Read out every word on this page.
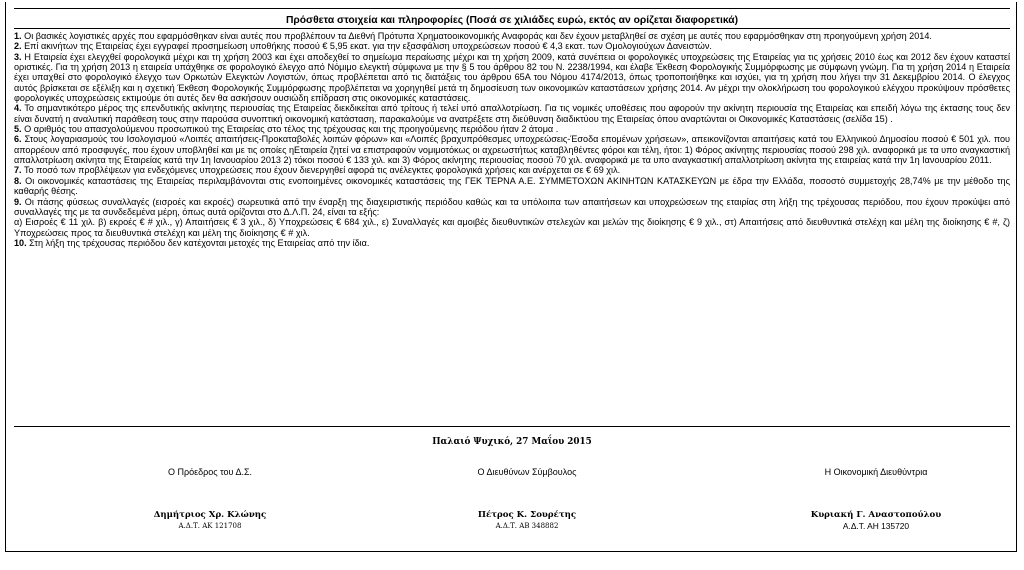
Πρόσθετα στοιχεία και πληροφορίες (Ποσά σε χιλιάδες ευρώ, εκτός αν ορίζεται διαφορετικά)

1. Οι βασικές λογιστικές αρχές που εφαρμόσθηκαν είναι αυτές που προβλέπουν τα Διεθνή Πρότυπα Χρηματοοικονομικής Αναφοράς και δεν έχουν μεταβληθεί σε σχέση με αυτές που εφαρμόσθηκαν στη προηγούμενη χρήση 2014.

2. Επί ακινήτων της Εταιρείας έχει εγγραφεί προσημείωση υποθήκης ποσού € 5,95 εκατ. για την εξασφάλιση υποχρεώσεων ποσού € 4,3 εκατ. των Ομολογιούχων Δανειστών.

3. Η Εταιρεία έχει ελεγχθεί φορολογικά μέχρι και τη χρήση 2003 και έχει αποδεχθεί το σημείωμα περαίωσης μέχρι και τη χρήση 2009, κατά συνέπεια οι φορολογικές υποχρεώσεις της Εταιρείας για τις χρήσεις 2010 έως και 2012 δεν έχουν καταστεί οριστικές. Για τη χρήση 2013 η εταιρεία υπάχθηκε σε φορολογικό έλεγχο από Νόμιμο ελεγκτή σύμφωνα με την § 5 του άρθρου 82 του Ν. 2238/1994, και έλαβε Έκθεση Φορολογικής Συμμόρφωσης με σύμφωνη γνώμη. Για τη χρήση 2014 η Εταιρεία έχει υπαχθεί στο φορολογικό έλεγχο των Ορκωτών Ελεγκτών Λογιστών, όπως προβλέπεται από τις διατάξεις του άρθρου 65Α του Νόμου 4174/2013, όπως τροποποιήθηκε και ισχύει, για τη χρήση που λήγει την 31 Δεκεμβρίου 2014. Ο έλεγχος αυτός βρίσκεται σε εξέλιξη και η σχετική Έκθεση Φορολογικής Συμμόρφωσης προβλέπεται να χορηγηθεί μετά τη δημοσίευση των οικονομικών καταστάσεων χρήσης 2014. Αν μέχρι την ολοκλήρωση του φορολογικού ελέγχου προκύψουν πρόσθετες φορολογικές υποχρεώσεις εκτιμούμε ότι αυτές δεν θα ασκήσουν ουσιώδη επίδραση στις οικονομικές καταστάσεις.

4. Το σημαντικότερο μέρος της επενδυτικής ακίνητης περιουσίας της Εταιρείας διεκδικείται από τρίτους ή τελεί υπό απαλλοτρίωση. Για τις νομικές υποθέσεις που αφορούν την ακίνητη περιουσία της Εταιρείας και επειδή λόγω της έκτασης τους δεν είναι δυνατή η αναλυτική παράθεση τους στην παρούσα συνοπτική οικονομική κατάσταση, παρακαλούμε να ανατρέξετε στη διεύθυνση διαδικτύου της Εταιρείας όπου αναρτώνται οι Οικονομικές Καταστάσεις (σελίδα 15) .

5. Ο αριθμός του απασχολούμενου προσωπικού της Εταιρείας στο τέλος της τρέχουσας και της προηγούμενης περιόδου ήταν 2 άτομα .

6. Στους λογαριασμούς του Ισολογισμού «Λοιπές απαιτήσεις-Προκαταβολές λοιπών φόρων» και «Λοιπές βραχυπρόθεσμες υποχρεώσεις-Έσοδα επομένων χρήσεων», απεικονίζονται απαιτήσεις κατά του Ελληνικού Δημοσίου ποσού € 501 χιλ. που απορρέουν από προσφυγές, που έχουν υποβληθεί και με τις οποίες ηΕταιρεία ζητεί να επιστραφούν νομιμοτόκως οι αχρεωστήτως καταβληθέντες φόροι και τέλη, ήτοι: 1) Φόρος ακίνητης περιουσίας ποσού 298 χιλ. αναφορικά με τα υπο αναγκαστική απαλλοτρίωση ακίνητα της Εταιρείας κατά την 1η Ιανουαρίου 2013 2) τόκοι ποσού € 133 χιλ. και 3) Φόρος ακίνητης περιουσίας ποσού 70 χιλ. αναφορικά με τα υπο αναγκαστική απαλλοτρίωση ακίνητα της εταιρείας κατά την 1η Ιανουαρίου 2011.

7. Το ποσό των προβλέψεων για ενδεχόμενες υποχρεώσεις που έχουν διενεργηθεί αφορά τις ανέλεγκτες φορολογικά χρήσεις και ανέρχεται σε € 69 χιλ.

8. Οι οικονομικές καταστάσεις της Εταιρείας περιλαμβάνονται στις ενοποιημένες οικονομικές καταστάσεις της ΓΕΚ ΤΕΡΝΑ Α.Ε. ΣΥΜΜΕΤΟΧΩΝ ΑΚΙΝΗΤΩΝ ΚΑΤΑΣΚΕΥΩΝ με έδρα την Ελλάδα, ποσοστό συμμετοχής 28,74% με την μέθοδο της καθαρής θέσης.

9. Οι πάσης φύσεως συναλλαγές (εισροές και εκροές) σωρευτικά από την έναρξη της διαχειριστικής περιόδου καθώς και τα υπόλοιπα των απαιτήσεων και υποχρεώσεων της εταιρίας στη λήξη της τρέχουσας περιόδου, που έχουν προκύψει από συναλλαγές της με τα συνδεδεμένα μέρη, όπως αυτά ορίζονται στο Δ.Λ.Π. 24, είναι τα εξής:

α) Εισροές € 11 χιλ. β) εκροές € # χιλ., γ) Απαιτήσεις € 3 χιλ., δ) Υποχρεώσεις € 684 χιλ., ε) Συναλλαγές και αμοιβές διευθυντικών στελεχών και μελών της διοίκησης € 9 χιλ., στ) Απαιτήσεις από διευθυντικά στελέχη και μέλη της διοίκησης € #, ζ) Υποχρεώσεις προς τα διευθυντικά στελέχη και μέλη της διοίκησης € # χιλ.

10. Στη λήξη της τρέχουσας περιόδου δεν κατέχονται μετοχές της Εταιρείας από την ίδια.

Παλαιό Ψυχικό, 27 Μαΐου 2015
Ο Πρόεδρος του Δ.Σ.
Δημήτριος Χρ. Κλώνης
Α.Δ.Τ. ΑΚ 121708
Ο Διευθύνων Σύμβουλος
Πέτρος Κ. Σουρέτης
Α.Δ.Τ. ΑΒ 348882
Η Οικονομική Διευθύντρια
Κυριακή Γ. Αναστοπούλου
Α.Δ.Τ. ΑΗ 135720
